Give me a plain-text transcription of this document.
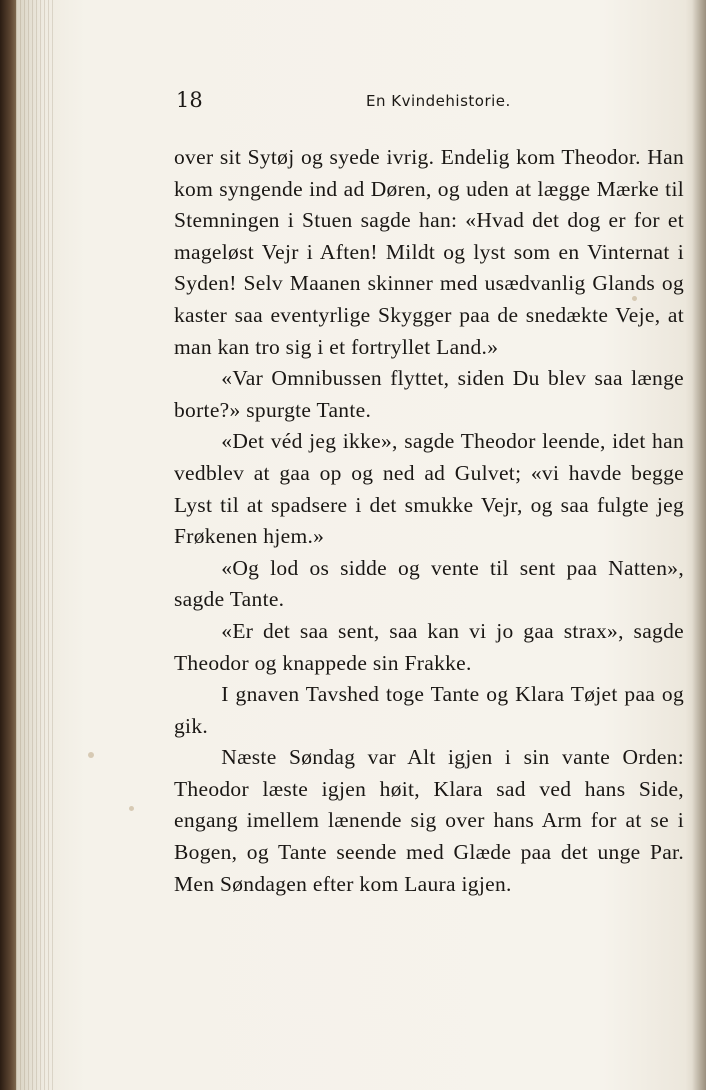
18	En Kvindehistorie.

over sit Sytøj og syede ivrig. Endelig kom Theodor. Han kom syngende ind ad Døren, og uden at lægge Mærke til Stemningen i Stuen sagde han: «Hvad det dog er for et mageløst Vejr i Aften! Mildt og lyst som en Vinternat i Syden! Selv Maanen skinner med usædvanlig Glands og kaster saa eventyrlige Skygger paa de snedækte Veje, at man kan tro sig i et fortryllet Land.»

«Var Omnibussen flyttet, siden Du blev saa længe borte?» spurgte Tante.

«Det véd jeg ikke», sagde Theodor leende, idet han vedblev at gaa op og ned ad Gulvet; «vi havde begge Lyst til at spadsere i det smukke Vejr, og saa fulgte jeg Frøkenen hjem.»

«Og lod os sidde og vente til sent paa Natten», sagde Tante.

«Er det saa sent, saa kan vi jo gaa strax», sagde Theodor og knappede sin Frakke.

I gnaven Tavshed toge Tante og Klara Tøjet paa og gik.

Næste Søndag var Alt igjen i sin vante Orden: Theodor læste igjen høit, Klara sad ved hans Side, engang imellem lænende sig over hans Arm for at se i Bogen, og Tante seende med Glæde paa det unge Par. Men Søndagen efter kom Laura igjen.
